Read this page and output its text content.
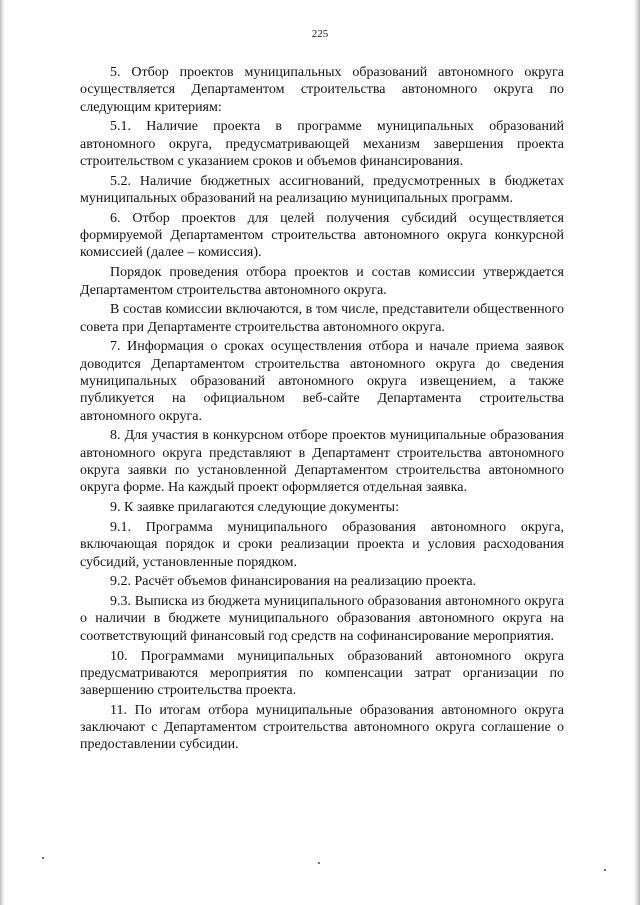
225

5. Отбор проектов муниципальных образований автономного округа осуществляется Департаментом строительства автономного округа по следующим критериям:

5.1. Наличие проекта в программе муниципальных образований автономного округа, предусматривающей механизм завершения проекта строительством с указанием сроков и объемов финансирования.

5.2. Наличие бюджетных ассигнований, предусмотренных в бюджетах муниципальных образований на реализацию муниципальных программ.

6. Отбор проектов для целей получения субсидий осуществляется формируемой Департаментом строительства автономного округа конкурсной комиссией (далее – комиссия).

Порядок проведения отбора проектов и состав комиссии утверждается Департаментом строительства автономного округа.

В состав комиссии включаются, в том числе, представители общественного совета при Департаменте строительства автономного округа.

7. Информация о сроках осуществления отбора и начале приема заявок доводится Департаментом строительства автономного округа до сведения муниципальных образований автономного округа извещением, а также публикуется на официальном веб-сайте Департамента строительства автономного округа.

8. Для участия в конкурсном отборе проектов муниципальные образования автономного округа представляют в Департамент строительства автономного округа заявки по установленной Департаментом строительства автономного округа форме. На каждый проект оформляется отдельная заявка.

9. К заявке прилагаются следующие документы:

9.1. Программа муниципального образования автономного округа, включающая порядок и сроки реализации проекта и условия расходования субсидий, установленные порядком.

9.2. Расчёт объемов финансирования на реализацию проекта.

9.3. Выписка из бюджета муниципального образования автономного округа о наличии в бюджете муниципального образования автономного округа на соответствующий финансовый год средств на софинансирование мероприятия.

10. Программами муниципальных образований автономного округа предусматриваются мероприятия по компенсации затрат организации по завершению строительства проекта.

11. По итогам отбора муниципальные образования автономного округа заключают с Департаментом строительства автономного округа соглашение о предоставлении субсидии.
